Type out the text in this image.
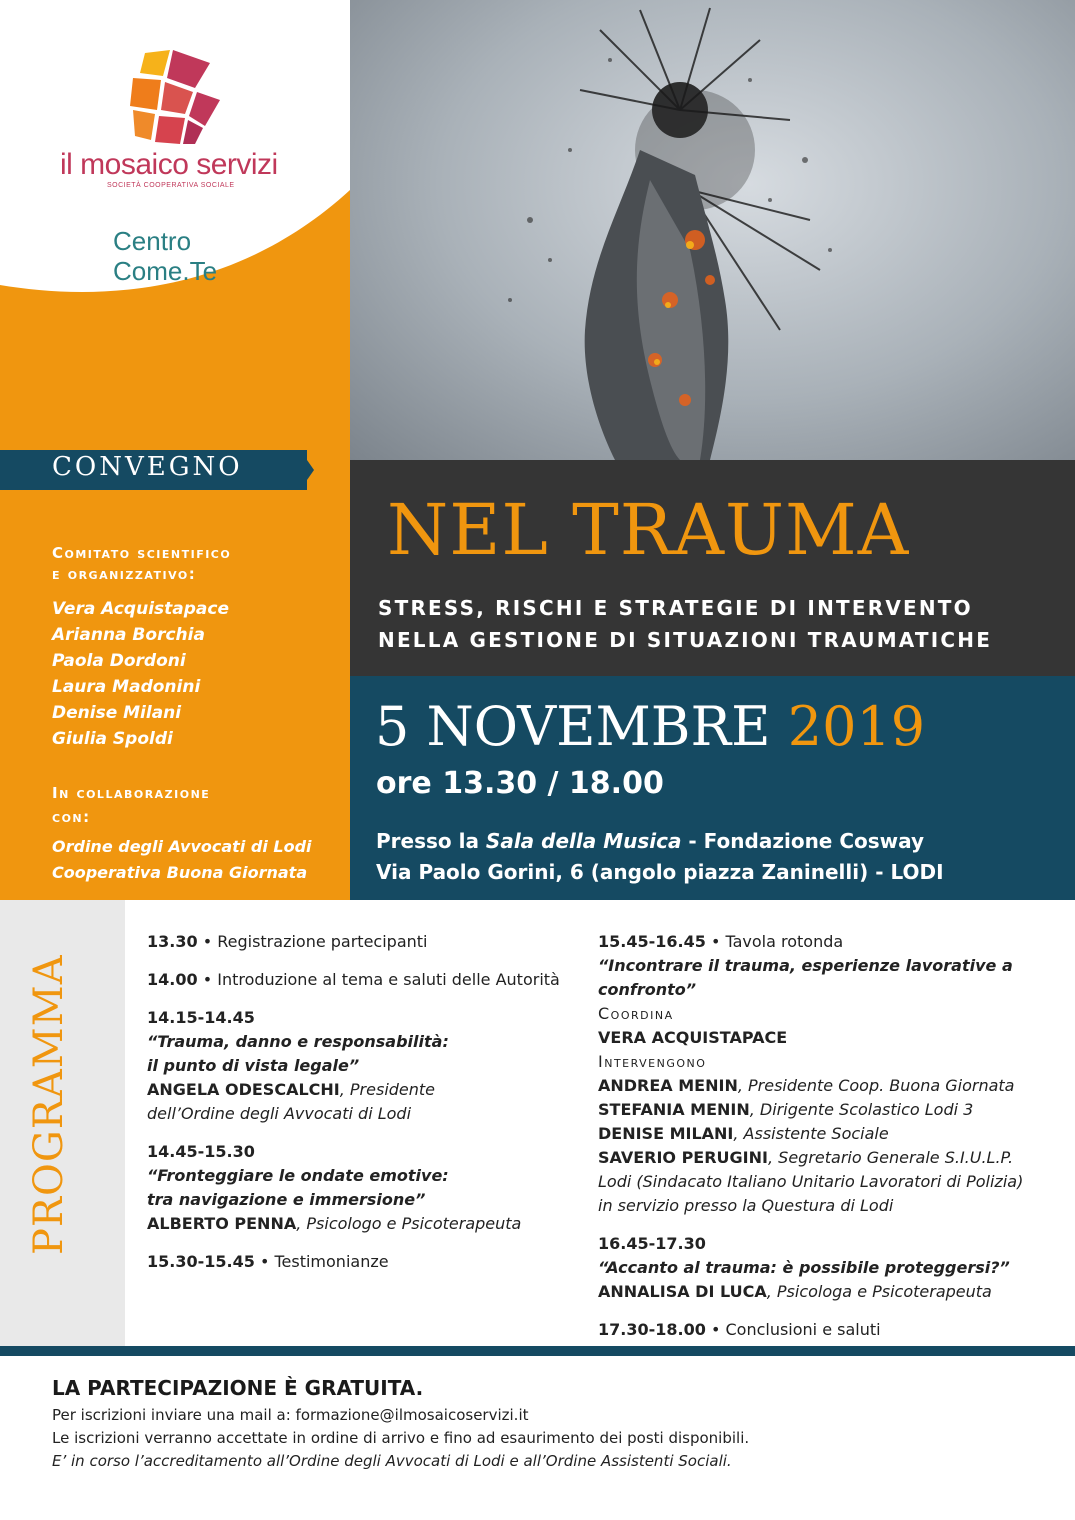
il mosaico servizi
SOCIETÀ COOPERATIVA SOCIALE
Centro
Come.Te
CONVEGNO
Comitato scientifico
e organizzativo:
Vera Acquistapace
Arianna Borchia
Paola Dordoni
Laura Madonini
Denise Milani
Giulia Spoldi
In collaborazione
con:
Ordine degli Avvocati di Lodi
Cooperativa Buona Giornata
NEL TRAUMA
STRESS, RISCHI E STRATEGIE DI INTERVENTO
NELLA GESTIONE DI SITUAZIONI TRAUMATICHE
5 NOVEMBRE 2019
ore 13.30 / 18.00
Presso la Sala della Musica - Fondazione Cosway
Via Paolo Gorini, 6 (angolo piazza Zaninelli) - LODI
PROGRAMMA
13.30 • Registrazione partecipanti
14.00 • Introduzione al tema e saluti delle Autorità
14.15-14.45
“Trauma, danno e responsabilità:
il punto di vista legale”
ANGELA ODESCALCHI, Presidente
dell’Ordine degli Avvocati di Lodi
14.45-15.30
“Fronteggiare le ondate emotive:
tra navigazione e immersione”
ALBERTO PENNA, Psicologo e Psicoterapeuta
15.30-15.45 • Testimonianze
15.45-16.45 • Tavola rotonda
“Incontrare il trauma, esperienze lavorative a confronto”
Coordina
VERA ACQUISTAPACE
Intervengono
ANDREA MENIN, Presidente Coop. Buona Giornata
STEFANIA MENIN, Dirigente Scolastico Lodi 3
DENISE MILANI, Assistente Sociale
SAVERIO PERUGINI, Segretario Generale S.I.U.L.P.
Lodi (Sindacato Italiano Unitario Lavoratori di Polizia)
in servizio presso la Questura di Lodi
16.45-17.30
“Accanto al trauma: è possibile proteggersi?”
ANNALISA DI LUCA, Psicologa e Psicoterapeuta
17.30-18.00 • Conclusioni e saluti
LA PARTECIPAZIONE È GRATUITA.
Per iscrizioni inviare una mail a: formazione@ilmosaicoservizi.it
Le iscrizioni verranno accettate in ordine di arrivo e fino ad esaurimento dei posti disponibili.
E’ in corso l’accreditamento all’Ordine degli Avvocati di Lodi e all’Ordine Assistenti Sociali.
